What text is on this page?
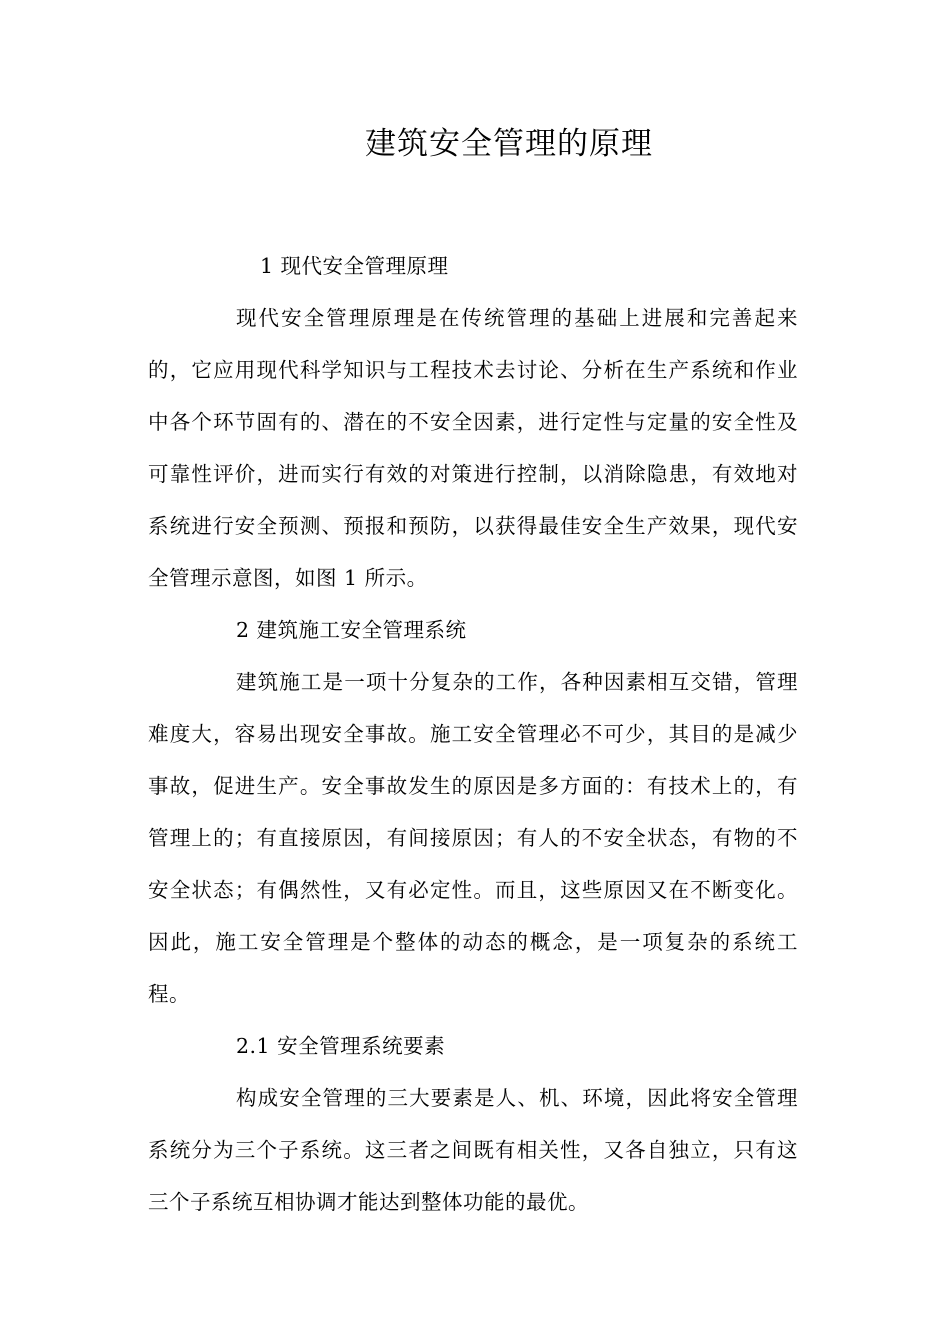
建筑安全管理的原理

1 现代安全管理原理

现代安全管理原理是在传统管理的基础上进展和完善起来的，它应用现代科学知识与工程技术去讨论、分析在生产系统和作业中各个环节固有的、潜在的不安全因素，进行定性与定量的安全性及可靠性评价，进而实行有效的对策进行控制，以消除隐患，有效地对系统进行安全预测、预报和预防，以获得最佳安全生产效果，现代安全管理示意图，如图 1 所示。

2 建筑施工安全管理系统

建筑施工是一项十分复杂的工作，各种因素相互交错，管理难度大，容易出现安全事故。施工安全管理必不可少，其目的是减少事故，促进生产。安全事故发生的原因是多方面的：有技术上的，有管理上的；有直接原因，有间接原因；有人的不安全状态，有物的不安全状态；有偶然性，又有必定性。而且，这些原因又在不断变化。因此，施工安全管理是个整体的动态的概念，是一项复杂的系统工程。

2.1 安全管理系统要素

构成安全管理的三大要素是人、机、环境，因此将安全管理系统分为三个子系统。这三者之间既有相关性，又各自独立，只有这三个子系统互相协调才能达到整体功能的最优。
